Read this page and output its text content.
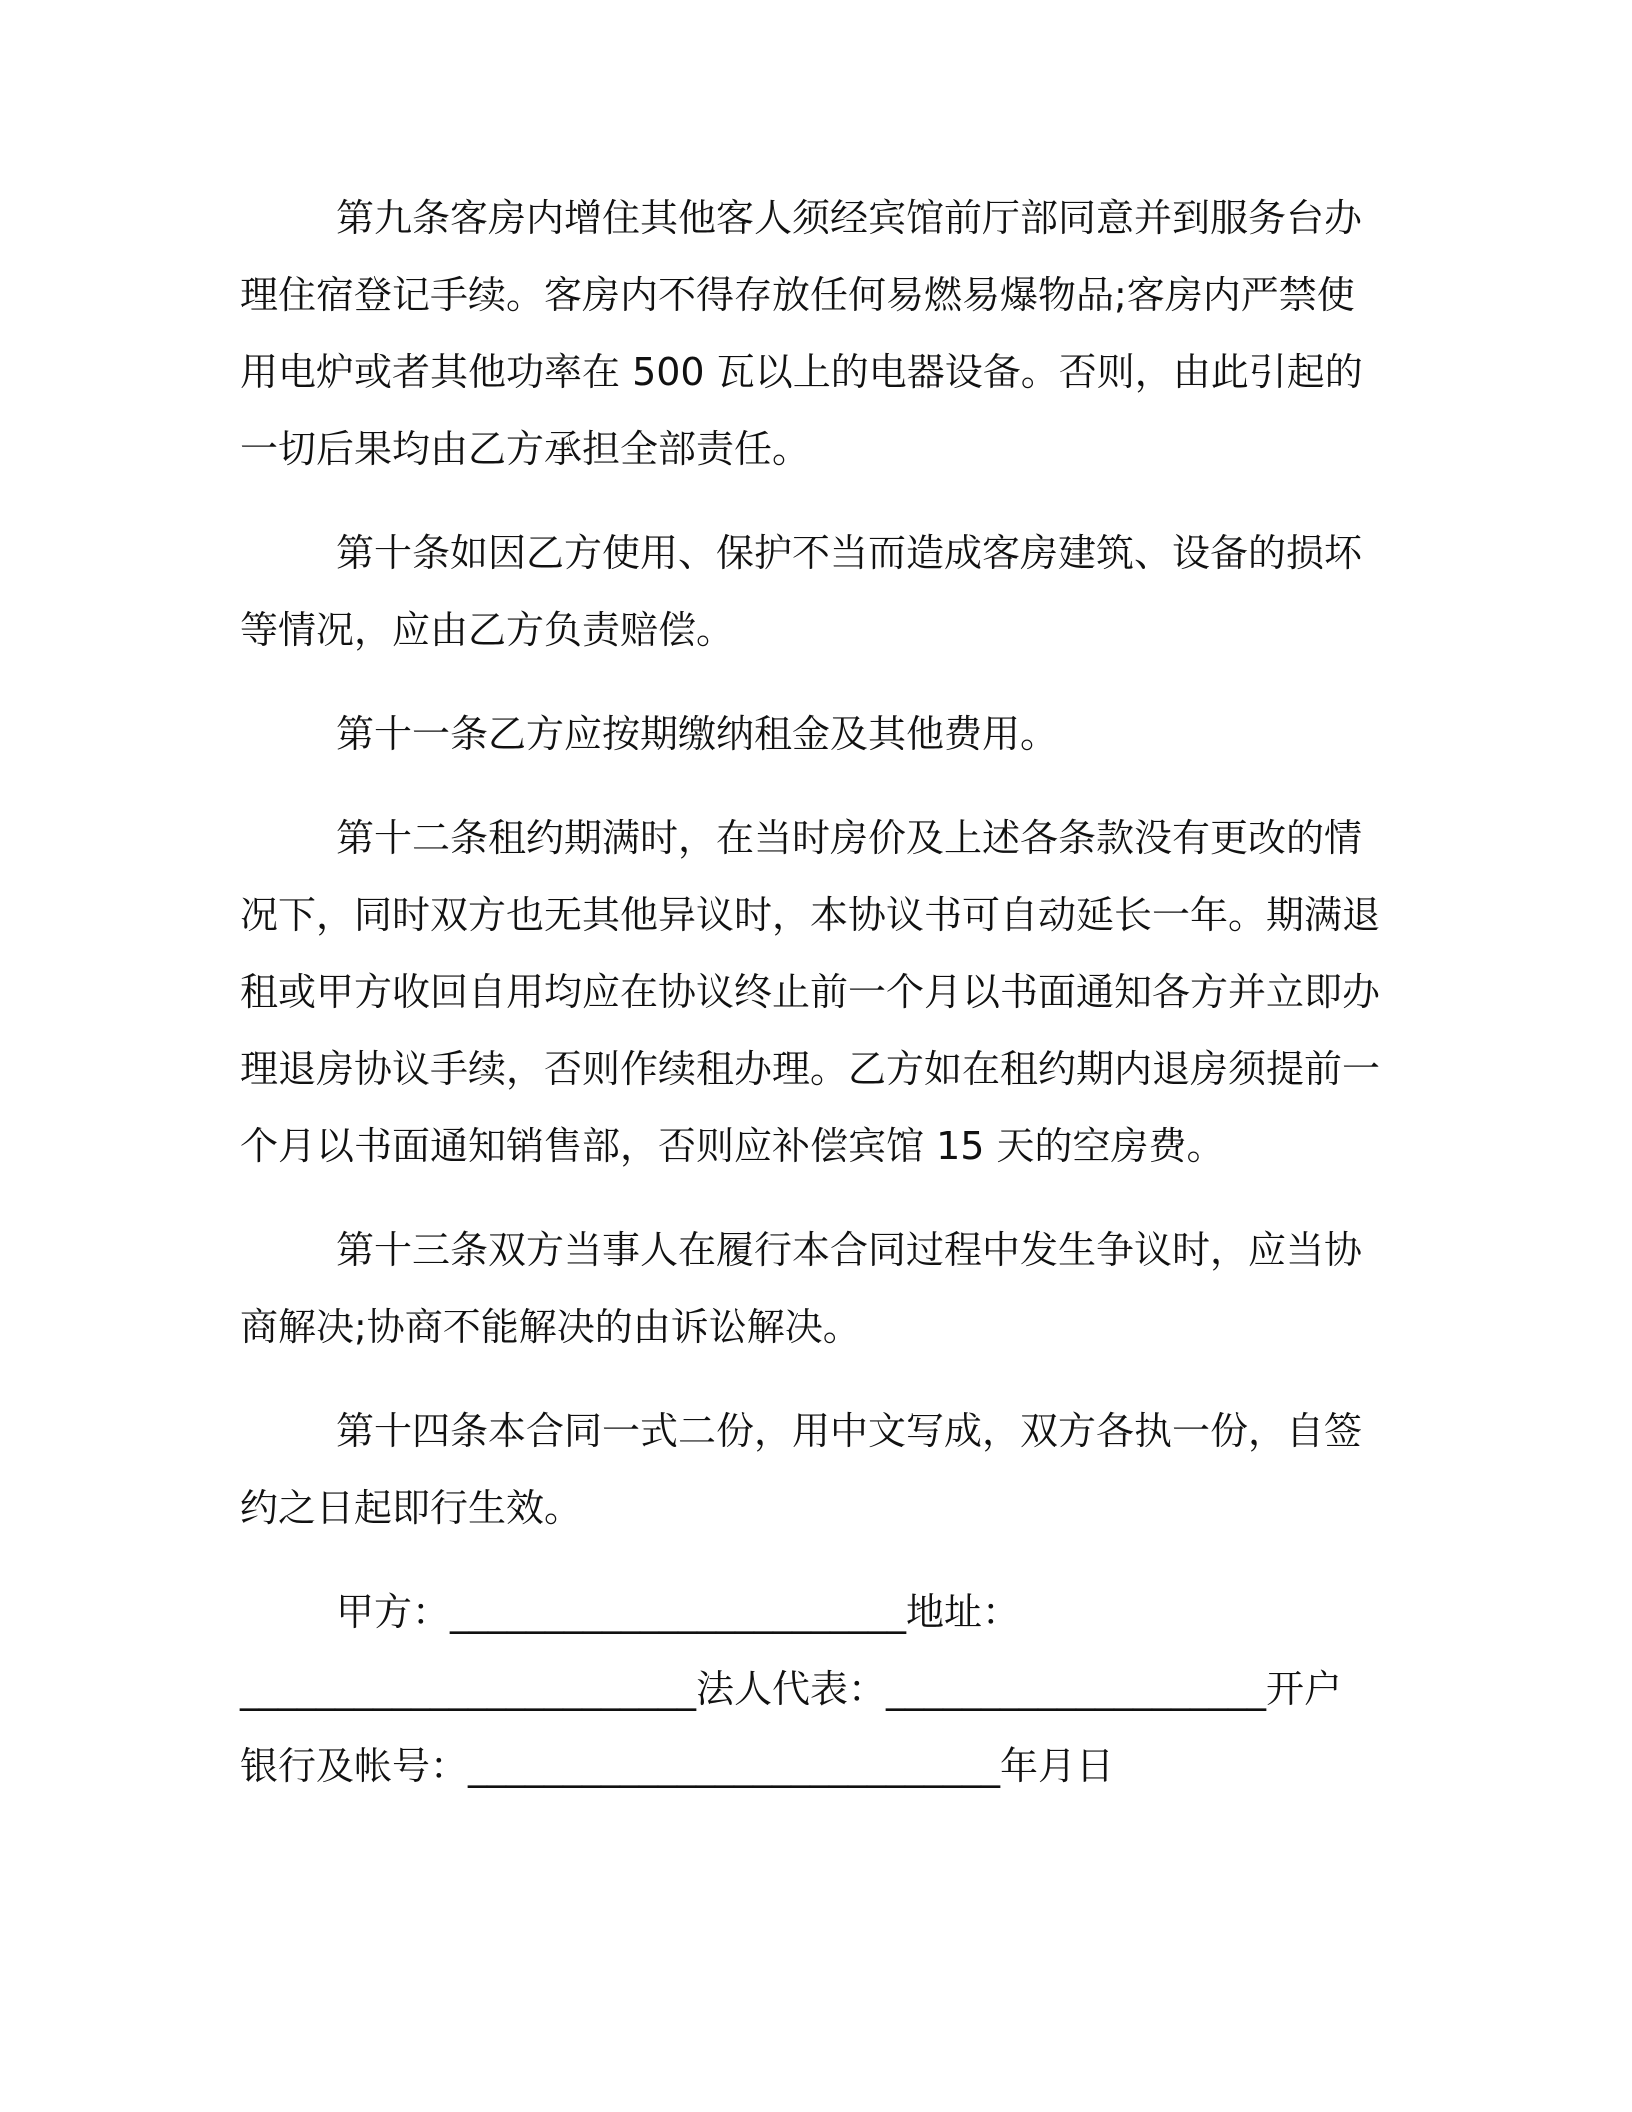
第九条客房内增住其他客人须经宾馆前厅部同意并到服务台办理住宿登记手续。客房内不得存放任何易燃易爆物品;客房内严禁使用电炉或者其他功率在 500 瓦以上的电器设备。否则，由此引起的一切后果均由乙方承担全部责任。

第十条如因乙方使用、保护不当而造成客房建筑、设备的损坏等情况，应由乙方负责赔偿。

第十一条乙方应按期缴纳租金及其他费用。

第十二条租约期满时，在当时房价及上述各条款没有更改的情况下，同时双方也无其他异议时，本协议书可自动延长一年。期满退租或甲方收回自用均应在协议终止前一个月以书面通知各方并立即办理退房协议手续，否则作续租办理。乙方如在租约期内退房须提前一个月以书面通知销售部，否则应补偿宾馆 15 天的空房费。

第十三条双方当事人在履行本合同过程中发生争议时，应当协商解决;协商不能解决的由诉讼解决。

第十四条本合同一式二份，用中文写成，双方各执一份，自签约之日起即行生效。

甲方：________________________地址：

________________________法人代表：____________________开户

银行及帐号：____________________________年月日
